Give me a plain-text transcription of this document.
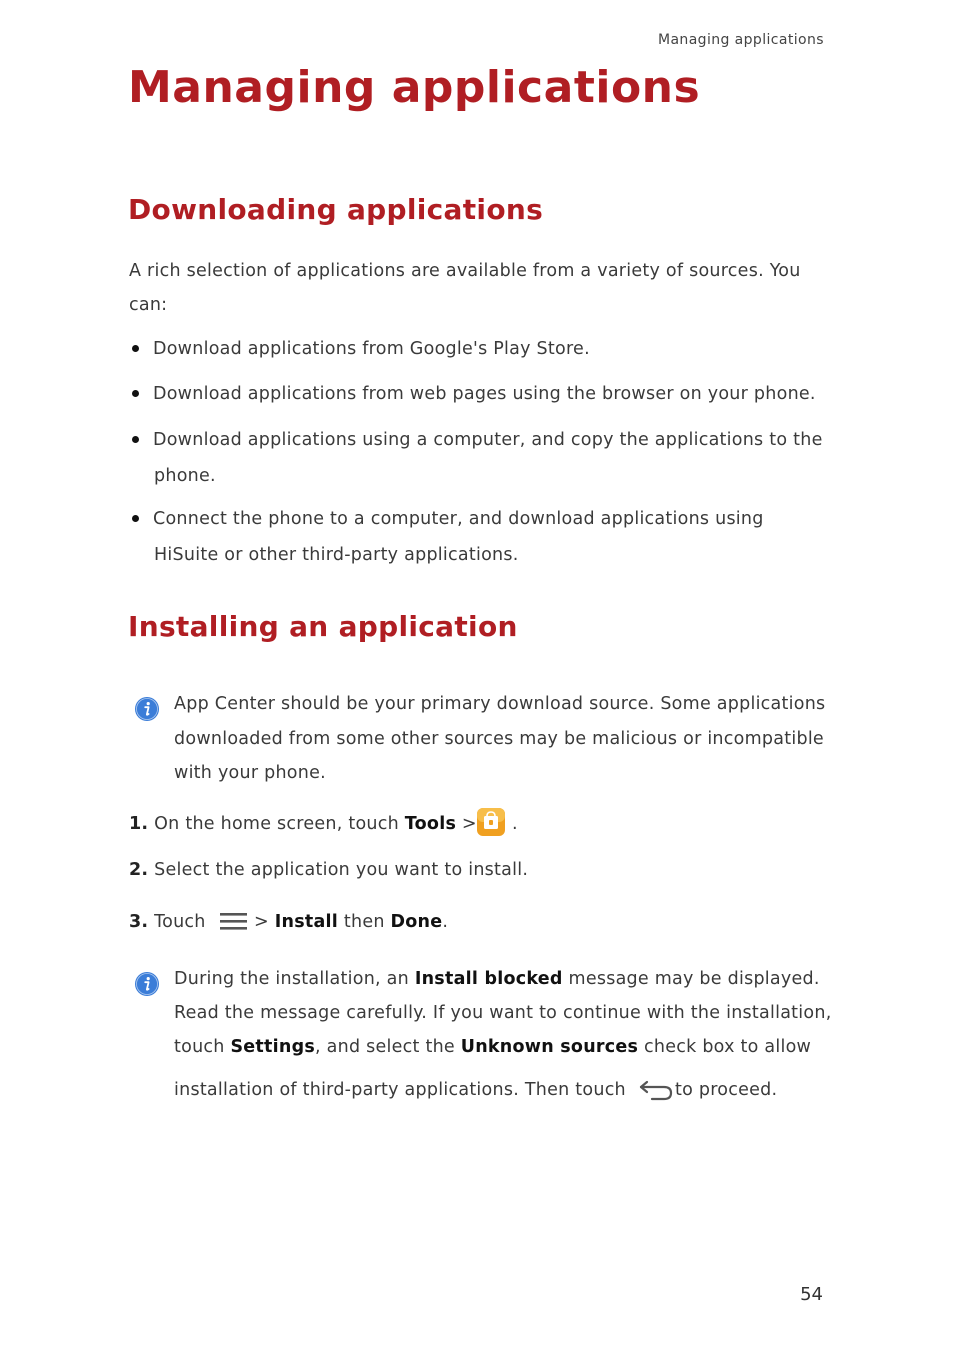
Managing applications
Managing applications
Downloading applications
A rich selection of applications are available from a variety of sources. You
can:
Download applications from Google's Play Store.
Download applications from web pages using the browser on your phone.
Download applications using a computer, and copy the applications to the
phone.
Connect the phone to a computer, and download applications using
HiSuite or other third-party applications.
Installing an application
App Center should be your primary download source. Some applications
downloaded from some other sources may be malicious or incompatible
with your phone.
1. On the home screen, touch Tools > .
2. Select the application you want to install.
3. Touch	> Install then Done.
During the installation, an Install blocked message may be displayed.
Read the message carefully. If you want to continue with the installation,
touch Settings, and select the Unknown sources check box to allow
installation of third-party applications. Then touch	to proceed.
54
